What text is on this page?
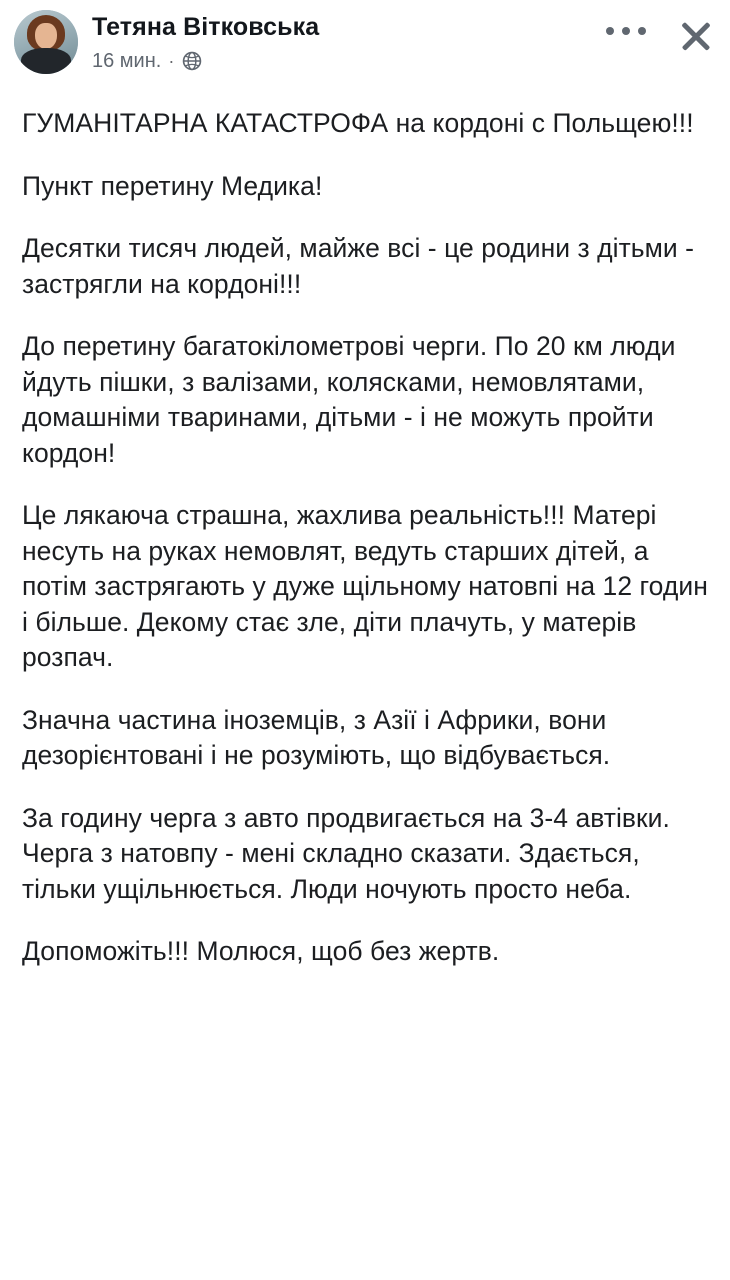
Тетяна Вітковська
16 мин. ·

ГУМАНІТАРНА КАТАСТРОФА на кордоні с Польщею!!!

Пункт перетину Медика!

Десятки тисяч людей, майже всі - це родини з дітьми - застрягли на кордоні!!!

До перетину багатокілометрові черги. По 20 км люди йдуть пішки, з валізами, колясками, немовлятами, домашніми тваринами, дітьми - і не можуть пройти кордон!

Це лякаюча страшна, жахлива реальність!!! Матері несуть на руках немовлят, ведуть старших дітей, а потім застрягають у дуже щільному натовпі на 12 годин і більше. Декому стає зле, діти плачуть, у матерів розпач.

Значна частина іноземців, з Азії і Африки, вони дезорієнтовані і не розуміють, що відбувається.

За годину черга з авто продвигається на 3-4 автівки. Черга з натовпу - мені складно сказати. Здається, тільки ущільнюється. Люди ночують просто неба.

Допоможіть!!! Молюся, щоб без жертв.
